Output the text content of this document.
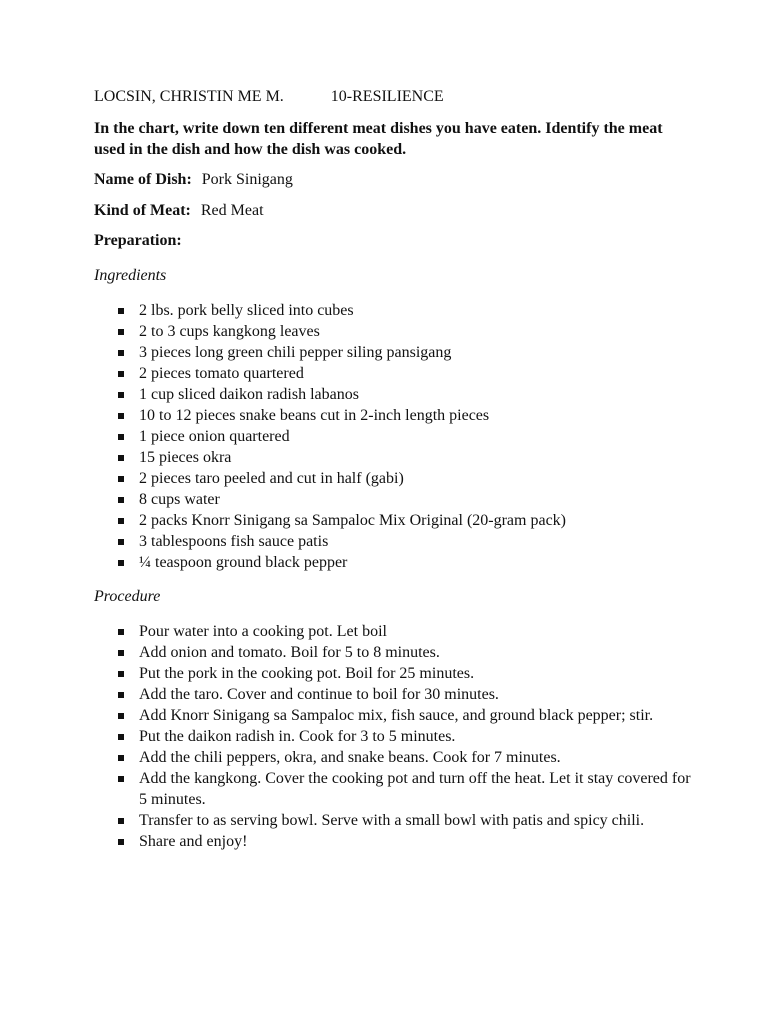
LOCSIN, CHRISTIN ME M.	10-RESILIENCE
In the chart, write down ten different meat dishes you have eaten. Identify the meat used in the dish and how the dish was cooked.
Name of Dish: Pork Sinigang
Kind of Meat: Red Meat
Preparation:
Ingredients
2 lbs. pork belly sliced into cubes
2 to 3 cups kangkong leaves
3 pieces long green chili pepper siling pansigang
2 pieces tomato quartered
1 cup sliced daikon radish labanos
10 to 12 pieces snake beans cut in 2-inch length pieces
1 piece onion quartered
15 pieces okra
2 pieces taro peeled and cut in half (gabi)
8 cups water
2 packs Knorr Sinigang sa Sampaloc Mix Original (20-gram pack)
3 tablespoons fish sauce patis
¼ teaspoon ground black pepper
Procedure
Pour water into a cooking pot. Let boil
Add onion and tomato. Boil for 5 to 8 minutes.
Put the pork in the cooking pot. Boil for 25 minutes.
Add the taro. Cover and continue to boil for 30 minutes.
Add Knorr Sinigang sa Sampaloc mix, fish sauce, and ground black pepper; stir.
Put the daikon radish in. Cook for 3 to 5 minutes.
Add the chili peppers, okra, and snake beans. Cook for 7 minutes.
Add the kangkong. Cover the cooking pot and turn off the heat. Let it stay covered for 5 minutes.
Transfer to as serving bowl. Serve with a small bowl with patis and spicy chili.
Share and enjoy!
